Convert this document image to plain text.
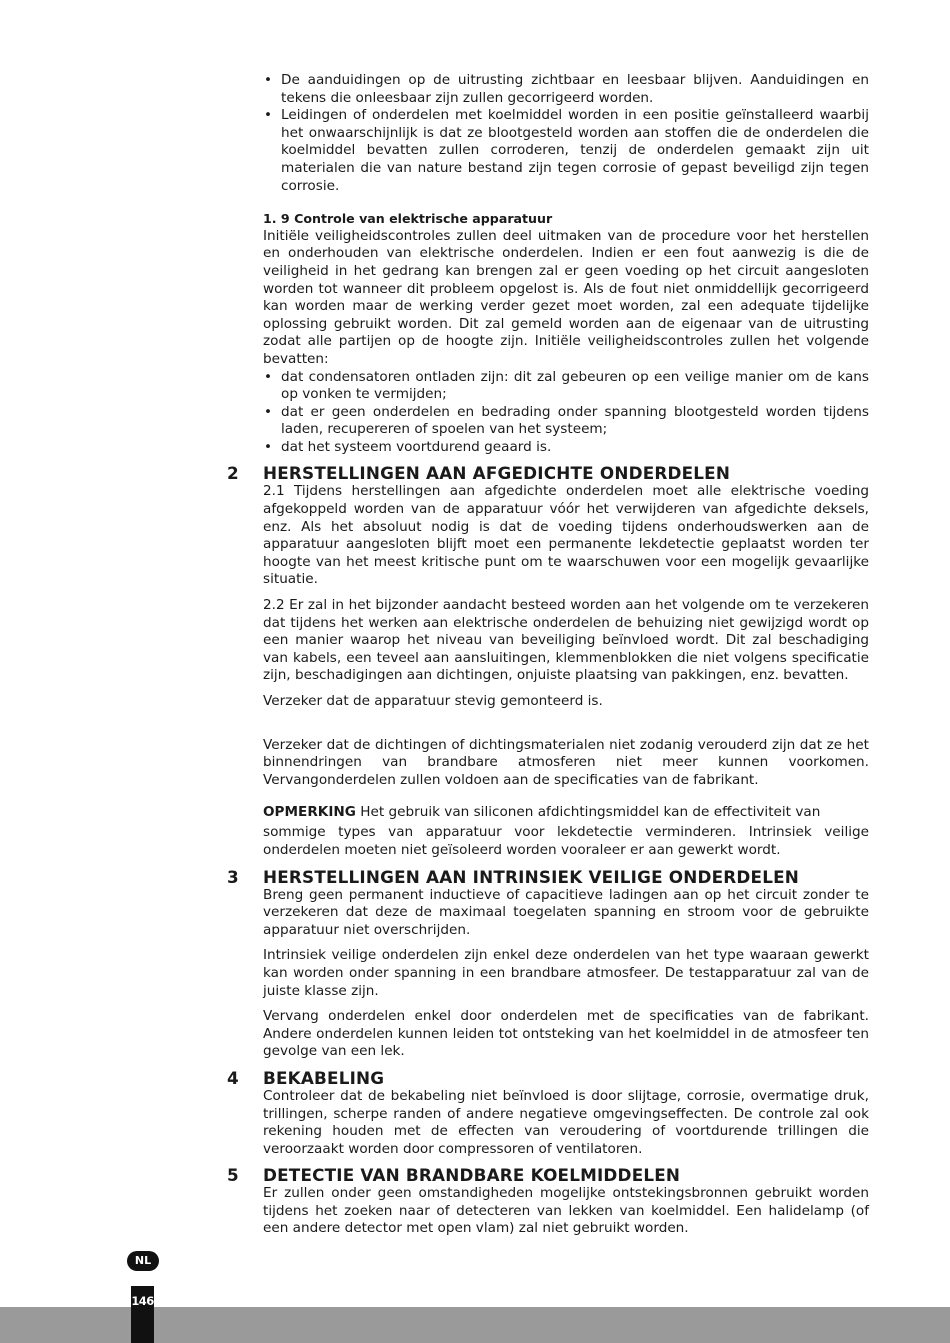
• De aanduidingen op de uitrusting zichtbaar en leesbaar blijven. Aanduidingen en tekens die onleesbaar zijn zullen gecorrigeerd worden.
• Leidingen of onderdelen met koelmiddel worden in een positie geïnstalleerd waarbij het onwaarschijnlijk is dat ze blootgesteld worden aan stoffen die de onderdelen die koelmiddel bevatten zullen corroderen, tenzij de onderdelen gemaakt zijn uit materialen die van nature bestand zijn tegen corrosie of gepast beveiligd zijn tegen corrosie.

1. 9 Controle van elektrische apparatuur

Initiële veiligheidscontroles zullen deel uitmaken van de procedure voor het herstellen en onderhouden van elektrische onderdelen. Indien er een fout aanwezig is die de veiligheid in het gedrang kan brengen zal er geen voeding op het circuit aangesloten worden tot wanneer dit probleem opgelost is. Als de fout niet onmiddellijk gecorrigeerd kan worden maar de werking verder gezet moet worden, zal een adequate tijdelijke oplossing gebruikt worden. Dit zal gemeld worden aan de eigenaar van de uitrusting zodat alle partijen op de hoogte zijn. Initiële veiligheidscontroles zullen het volgende bevatten:

• dat condensatoren ontladen zijn: dit zal gebeuren op een veilige manier om de kans op vonken te vermijden;
• dat er geen onderdelen en bedrading onder spanning blootgesteld worden tijdens laden, recupereren of spoelen van het systeem;
• dat het systeem voortdurend geaard is.
2 HERSTELLINGEN AAN AFGEDICHTE ONDERDELEN

2.1 Tijdens herstellingen aan afgedichte onderdelen moet alle elektrische voeding afgekoppeld worden van de apparatuur vóór het verwijderen van afgedichte deksels, enz. Als het absoluut nodig is dat de voeding tijdens onderhoudswerken aan de apparatuur aangesloten blijft moet een permanente lekdetectie geplaatst worden ter hoogte van het meest kritische punt om te waarschuwen voor een mogelijk gevaarlijke situatie.

2.2 Er zal in het bijzonder aandacht besteed worden aan het volgende om te verzekeren dat tijdens het werken aan elektrische onderdelen de behuizing niet gewijzigd wordt op een manier waarop het niveau van beveiliging beïnvloed wordt. Dit zal beschadiging van kabels, een teveel aan aansluitingen, klemmenblokken die niet volgens specificatie zijn, beschadigingen aan dichtingen, onjuiste plaatsing van pakkingen, enz. bevatten.

Verzeker dat de apparatuur stevig gemonteerd is.

Verzeker dat de dichtingen of dichtingsmaterialen niet zodanig verouderd zijn dat ze het binnendringen van brandbare atmosferen niet meer kunnen voorkomen. Vervangonderdelen zullen voldoen aan de specificaties van de fabrikant.

OPMERKING Het gebruik van siliconen afdichtingsmiddel kan de effectiviteit van

sommige types van apparatuur voor lekdetectie verminderen. Intrinsiek veilige onderdelen moeten niet geïsoleerd worden vooraleer er aan gewerkt wordt.

3 HERSTELLINGEN AAN INTRINSIEK VEILIGE ONDERDELEN

Breng geen permanent inductieve of capacitieve ladingen aan op het circuit zonder te verzekeren dat deze de maximaal toegelaten spanning en stroom voor de gebruikte apparatuur niet overschrijden.

Intrinsiek veilige onderdelen zijn enkel deze onderdelen van het type waaraan gewerkt kan worden onder spanning in een brandbare atmosfeer. De testapparatuur zal van de juiste klasse zijn.

Vervang onderdelen enkel door onderdelen met de specificaties van de fabrikant. Andere onderdelen kunnen leiden tot ontsteking van het koelmiddel in de atmosfeer ten gevolge van een lek.

4 BEKABELING

Controleer dat de bekabeling niet beïnvloed is door slijtage, corrosie, overmatige druk, trillingen, scherpe randen of andere negatieve omgevingseffecten. De controle zal ook rekening houden met de effecten van veroudering of voortdurende trillingen die veroorzaakt worden door compressoren of ventilatoren.

5 DETECTIE VAN BRANDBARE KOELMIDDELEN

Er zullen onder geen omstandigheden mogelijke ontstekingsbronnen gebruikt worden tijdens het zoeken naar of detecteren van lekken van koelmiddel. Een halidelamp (of een andere detector met open vlam) zal niet gebruikt worden.

NL
146
